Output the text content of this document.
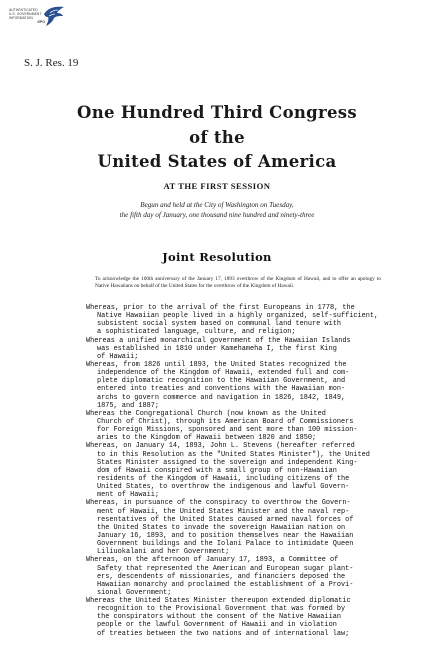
AUTHENTICATED
U.S. GOVERNMENT
INFORMATION
GPO
S. J. Res. 19
One Hundred Third Congress
of the
United States of America
AT THE FIRST SESSION
Begun and held at the City of Washington on Tuesday,
the fifth day of January, one thousand nine hundred and ninety-three
Joint Resolution
To acknowledge the 100th anniversary of the January 17, 1893 overthrow of the Kingdom of Hawaii, and to offer an apology to Native Hawaiians on behalf of the United States for the overthrow of the Kingdom of Hawaii.
Whereas, prior to the arrival of the first Europeans in 1778, the
Native Hawaiian people lived in a highly organized, self-sufficient,
subsistent social system based on communal land tenure with
a sophisticated language, culture, and religion;
Whereas a unified monarchical government of the Hawaiian Islands
was established in 1810 under Kamehameha I, the first King
of Hawaii;
Whereas, from 1826 until 1893, the United States recognized the
independence of the Kingdom of Hawaii, extended full and com-
plete diplomatic recognition to the Hawaiian Government, and
entered into treaties and conventions with the Hawaiian mon-
archs to govern commerce and navigation in 1826, 1842, 1849,
1875, and 1887;
Whereas the Congregational Church (now known as the United
Church of Christ), through its American Board of Commissioners
for Foreign Missions, sponsored and sent more than 100 mission-
aries to the Kingdom of Hawaii between 1820 and 1850;
Whereas, on January 14, 1893, John L. Stevens (hereafter referred
to in this Resolution as the "United States Minister"), the United
States Minister assigned to the sovereign and independent King-
dom of Hawaii conspired with a small group of non-Hawaiian
residents of the Kingdom of Hawaii, including citizens of the
United States, to overthrow the indigenous and lawful Govern-
ment of Hawaii;
Whereas, in pursuance of the conspiracy to overthrow the Govern-
ment of Hawaii, the United States Minister and the naval rep-
resentatives of the United States caused armed naval forces of
the United States to invade the sovereign Hawaiian nation on
January 16, 1893, and to position themselves near the Hawaiian
Government buildings and the Iolani Palace to intimidate Queen
Liliuokalani and her Government;
Whereas, on the afternoon of January 17, 1893, a Committee of
Safety that represented the American and European sugar plant-
ers, descendents of missionaries, and financiers deposed the
Hawaiian monarchy and proclaimed the establishment of a Provi-
sional Government;
Whereas the United States Minister thereupon extended diplomatic
recognition to the Provisional Government that was formed by
the conspirators without the consent of the Native Hawaiian
people or the lawful Government of Hawaii and in violation
of treaties between the two nations and of international law;
